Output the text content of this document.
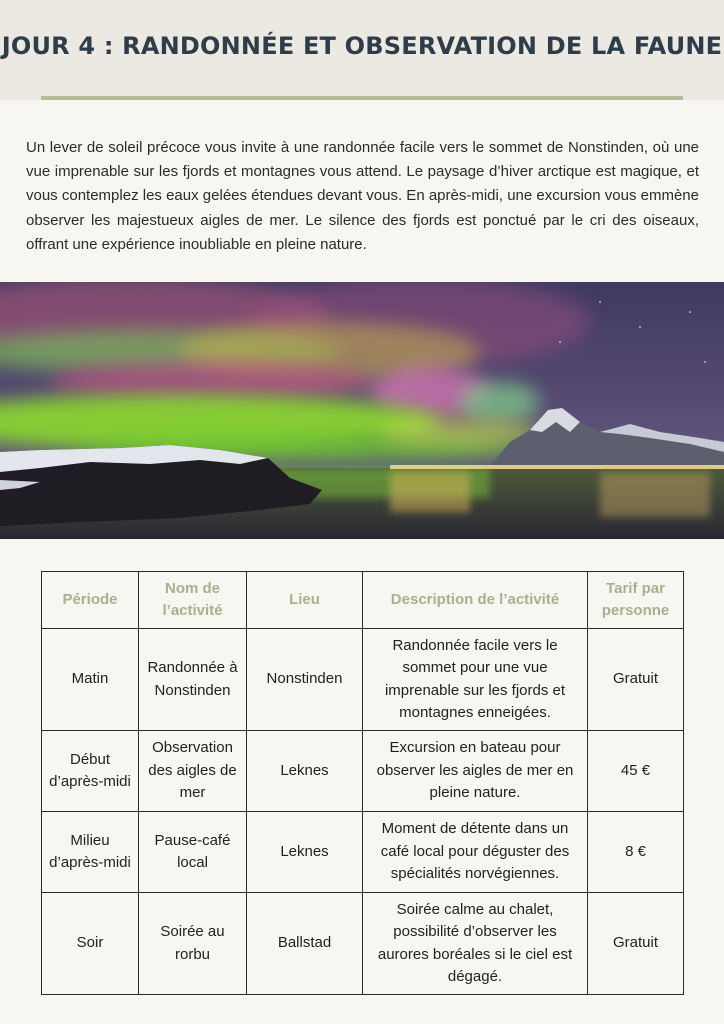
JOUR 4 : RANDONNÉE ET OBSERVATION DE LA FAUNE

Un lever de soleil précoce vous invite à une randonnée facile vers le sommet de Nonstinden, où une vue imprenable sur les fjords et montagnes vous attend. Le paysage d’hiver arctique est magique, et vous contemplez les eaux gelées étendues devant vous. En après-midi, une excursion vous emmène observer les majestueux aigles de mer. Le silence des fjords est ponctué par le cri des oiseaux, offrant une expérience inoubliable en pleine nature.

Période	Nom de l’activité	Lieu	Description de l’activité	Tarif par personne
Matin	Randonnée à Nonstinden	Nonstinden	Randonnée facile vers le sommet pour une vue imprenable sur les fjords et montagnes enneigées.	Gratuit
Début d’après-midi	Observation des aigles de mer	Leknes	Excursion en bateau pour observer les aigles de mer en pleine nature.	45 €
Milieu d’après-midi	Pause-café local	Leknes	Moment de détente dans un café local pour déguster des spécialités norvégiennes.	8 €
Soir	Soirée au rorbu	Ballstad	Soirée calme au chalet, possibilité d’observer les aurores boréales si le ciel est dégagé.	Gratuit
